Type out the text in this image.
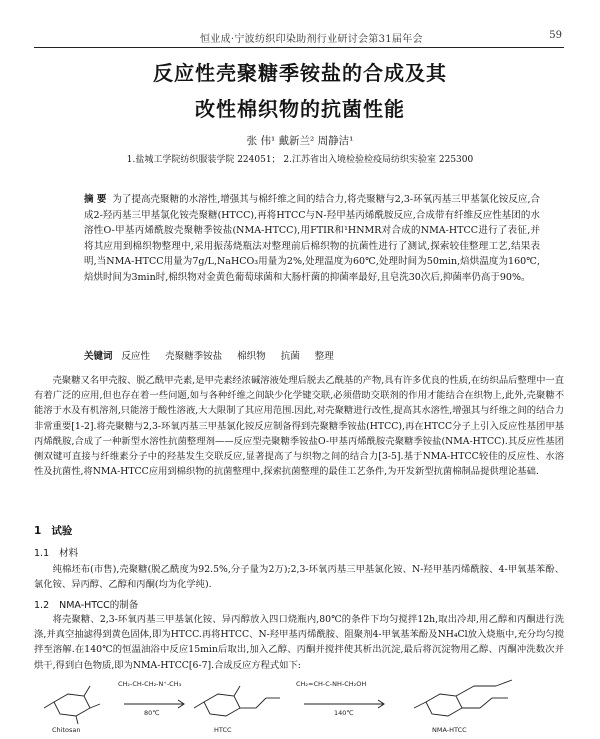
恒业成·宁波纺织印染助剂行业研讨会第31届年会	59
反应性壳聚糖季铵盐的合成及其
改性棉织物的抗菌性能
张 伟¹ 戴新兰² 周静洁¹
1.盐城工学院纺织服装学院 224051； 2.江苏省出入境检验检疫局纺织实验室 225300
摘 要 为了提高壳聚糖的水溶性,增强其与棉纤维之间的结合力,将壳聚糖与2,3-环氧丙基三甲基氯化铵反应,合成2-羟丙基三甲基氯化铵壳聚糖(HTCC),再将HTCC与N-羟甲基丙烯酰胺反应,合成带有纤维反应性基团的水溶性O-甲基丙烯酰胺壳聚糖季铵盐(NMA-HTCC),用FTIR和¹HNMR对合成的NMA-HTCC进行了表征,并将其应用到棉织物整理中,采用振荡烧瓶法对整理前后棉织物的抗菌性进行了测试,探索较佳整理工艺,结果表明,当NMA-HTCC用量为7g/L,NaHCO₃用量为2%,处理温度为60℃,处理时间为50min,焙烘温度为160℃,焙烘时间为3min时,棉织物对金黄色葡萄球菌和大肠杆菌的抑菌率最好,且皂洗30次后,抑菌率仍高于90%。
关键词 反应性 壳聚糖季铵盐 棉织物 抗菌 整理
壳聚糖又名甲壳胺、脱乙酰甲壳素,是甲壳素经浓碱溶液处理后脱去乙酰基的产物,具有许多优良的性质,在纺织品后整理中一直有着广泛的应用,但也存在着一些问题,如与各种纤维之间缺少化学键交联,必须借助交联剂的作用才能结合在织物上,此外,壳聚糖不能溶于水及有机溶剂,只能溶于酸性溶液,大大限制了其应用范围.因此,对壳聚糖进行改性,提高其水溶性,增强其与纤维之间的结合力非常重要[1-2].将壳聚糖与2,3-环氧丙基三甲基氯化铵反应制备得到壳聚糖季铵盐(HTCC),再在HTCC分子上引入反应性基团甲基丙烯酰胺,合成了一种新型水溶性抗菌整理剂——反应型壳聚糖季铵盐O-甲基丙烯酰胺壳聚糖季铵盐(NMA-HTCC).其反应性基团侧双键可直接与纤维素分子中的羟基发生交联反应,显著提高了与织物之间的结合力[3-5].基于NMA-HTCC较佳的反应性、水溶性及抗菌性,将NMA-HTCC应用到棉织物的抗菌整理中,探索抗菌整理的最佳工艺条件,为开发新型抗菌棉制品提供理论基础.
1 试验
1.1 材料
纯棉坯布(市售),壳聚糖(脱乙酰度为92.5%,分子量为2万);2,3-环氧丙基三甲基氯化铵、N-羟甲基丙烯酰胺、4-甲氧基苯酚、氯化铵、异丙醇、乙醇和丙酮(均为化学纯).
1.2 NMA-HTCC的制备
将壳聚糖、2,3-环氧丙基三甲基氯化铵、异丙醇放入四口烧瓶内,80℃的条件下均匀搅拌12h,取出冷却,用乙醇和丙酮进行洗涤,并真空抽滤得到黄色固体,即为HTCC.再将HTCC、N-羟甲基丙烯酰胺、阻聚剂4-甲氧基苯酚及NH₄Cl放入烧瓶中,充分均匀搅拌至溶解.在140℃的恒温油浴中反应15min后取出,加入乙醇、丙酮并搅拌使其析出沉淀,最后将沉淀物用乙醇、丙酮冲洗数次并烘干,得到白色物质,即为NMA-HTCC[6-7].合成反应方程式如下:
Chitosan
CH₂-CH-CH₂-N⁺-CH₃
80℃
HTCC
CH₂=CH-C-NH-CH₂OH
140℃
NMA-HTCC
